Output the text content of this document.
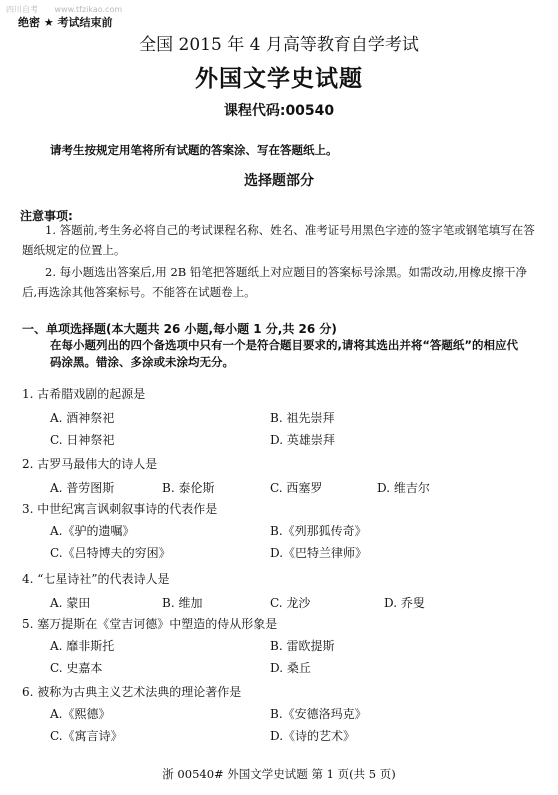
四川自考 www.tfzikao.com
绝密 ★ 考试结束前
全国 2015 年 4 月高等教育自学考试
外国文学史试题
课程代码:00540
请考生按规定用笔将所有试题的答案涂、写在答题纸上。
选择题部分
注意事项:

1. 答题前,考生务必将自己的考试课程名称、姓名、准考证号用黑色字迹的签字笔或钢笔填写在答题纸规定的位置上。

2. 每小题选出答案后,用 2B 铅笔把答题纸上对应题目的答案标号涂黑。如需改动,用橡皮擦干净后,再选涂其他答案标号。不能答在试题卷上。

一、单项选择题(本大题共 26 小题,每小题 1 分,共 26 分)

在每小题列出的四个备选项中只有一个是符合题目要求的,请将其选出并将“答题纸”的相应代码涂黑。错涂、多涂或未涂均无分。

1. 古希腊戏剧的起源是
A. 酒神祭祀	B. 祖先崇拜
C. 日神祭祀	D. 英雄崇拜
2. 古罗马最伟大的诗人是
A. 普劳图斯	B. 泰伦斯	C. 西塞罗	D. 维吉尔
3. 中世纪寓言讽刺叙事诗的代表作是
A.《驴的遗嘱》	B.《列那狐传奇》
C.《吕特博夫的穷困》	D.《巴特兰律师》
4. “七星诗社”的代表诗人是
A. 蒙田	B. 维加	C. 龙沙	D. 乔叟
5. 塞万提斯在《堂吉诃德》中塑造的侍从形象是
A. 靡非斯托	B. 雷欧提斯
C. 史嘉本	D. 桑丘
6. 被称为古典主义艺术法典的理论著作是
A.《熙德》	B.《安德洛玛克》
C.《寓言诗》	D.《诗的艺术》
浙 00540# 外国文学史试题 第 1 页(共 5 页)
